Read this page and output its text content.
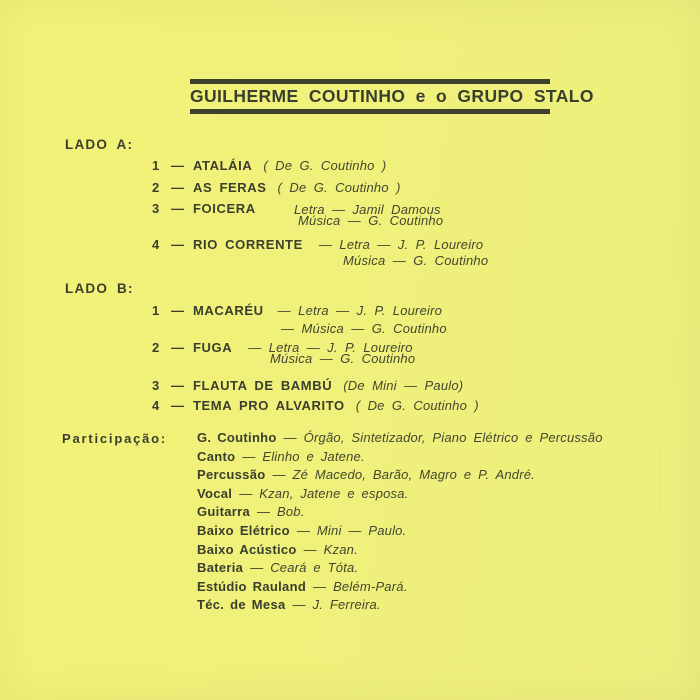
GUILHERME COUTINHO e o GRUPO STALO
LADO A:
1 — ATALÁIA ( De G. Coutinho )
2 — AS FERAS ( De G. Coutinho )
3 — FOICERA	Letra — Jamil Damous
Música — G. Coutinho
4 — RIO CORRENTE — Letra — J. P. Loureiro
Música — G. Coutinho
LADO B:
1 — MACARÉU — Letra — J. P. Loureiro
— Música — G. Coutinho
2 — FUGA — Letra — J. P. Loureiro
Música — G. Coutinho
3 — FLAUTA DE BAMBÚ (De Mini — Paulo)
4 — TEMA PRO ALVARITO ( De G. Coutinho )
Participação: G. Coutinho — Órgão, Sintetizador, Piano Elétrico e Percussão
Canto — Elinho e Jatene.
Percussão — Zé Macedo, Barão, Magro e P. André.
Vocal — Kzan, Jatene e esposa.
Guitarra — Bob.
Baixo Elétrico — Mini — Paulo.
Baixo Acústico — Kzan.
Bateria — Ceará e Tóta.
Estúdio Rauland — Belém-Pará.
Téc. de Mesa — J. Ferreira.
